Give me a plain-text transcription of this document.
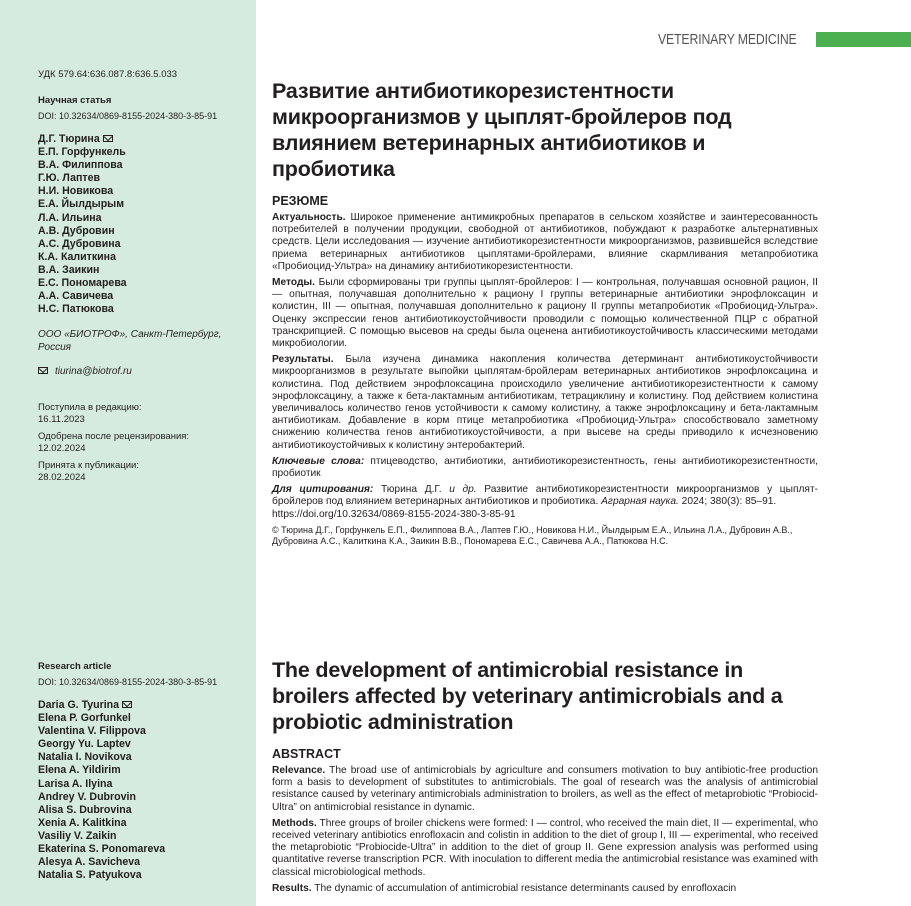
УДК 579.64:636.087.8:636.5.033
Научная статья
DOI: 10.32634/0869-8155-2024-380-3-85-91
Д.Г. Тюрина
Е.П. Горфункель
В.А. Филиппова
Г.Ю. Лаптев
Н.И. Новикова
Е.А. Йылдырым
Л.А. Ильина
А.В. Дубровин
А.С. Дубровина
К.А. Калиткина
В.А. Заикин
Е.С. Пономарева
А.А. Савичева
Н.С. Патюкова
ООО «БИОТРОФ», Санкт-Петербург, Россия
tiurina@biotrof.ru
Поступила в редакцию:
16.11.2023
Одобрена после рецензирования:
12.02.2024
Принята к публикации:
28.02.2024
Research article
DOI: 10.32634/0869-8155-2024-380-3-85-91
Daria G. Tyurina
Elena P. Gorfunkel
Valentina V. Filippova
Georgy Yu. Laptev
Natalia I. Novikova
Elena A. Yildirim
Larisa A. Ilyina
Andrey V. Dubrovin
Alisa S. Dubrovina
Xenia A. Kalitkina
Vasiliy V. Zaikin
Ekaterina S. Ponomareva
Alesya A. Savicheva
Natalia S. Patyukova
VETERINARY MEDICINE
Развитие антибиотикорезистентности микроорганизмов у цыплят-бройлеров под влиянием ветеринарных антибиотиков и пробиотика
РЕЗЮМЕ

Актуальность. Широкое применение антимикробных препаратов в сельском хозяйстве и заинтересованность потребителей в получении продукции, свободной от антибиотиков, побуждают к разработке альтернативных средств. Цели исследования — изучение антибиотикорезистентности микроорганизмов, развившейся вследствие приема ветеринарных антибиотиков цыплятами-бройлерами, влияние скармливания метапробиотика «Пробиоцид-Ультра» на динамику антибиотикорезистентности.

Методы. Были сформированы три группы цыплят-бройлеров: I — контрольная, получавшая основной рацион, II — опытная, получавшая дополнительно к рациону I группы ветеринарные антибиотики энрофлоксацин и колистин, III — опытная, получавшая дополнительно к рациону II группы метапробиотик «Пробиоцид-Ультра». Оценку экспрессии генов антибиотикоустойчивости проводили с помощью количественной ПЦР с обратной транскрипцией. С помощью высевов на среды была оценена антибиотикоустойчивость классическими методами микробиологии.

Результаты. Была изучена динамика накопления количества детерминант антибиотикоустойчивости микроорганизмов в результате выпойки цыплятам-бройлерам ветеринарных антибиотиков энрофлоксацина и колистина. Под действием энрофлоксацина происходило увеличение антибиотикорезистентности к самому энрофлоксацину, а также к бета-лактамным антибиотикам, тетрациклину и колистину. Под действием колистина увеличивалось количество генов устойчивости к самому колистину, а также энрофлоксацину и бета-лактамным антибиотикам. Добавление в корм птице метапробиотика «Пробиоцид-Ультра» способствовало заметному снижению количества генов антибиотикоустойчивости, а при высеве на среды приводило к исчезновению антибиотикоустойчивых к колистину энтеробактерий.

Ключевые слова: птицеводство, антибиотики, антибиотикорезистентность, гены антибиотикорезистентности, пробиотик

Для цитирования: Тюрина Д.Г. и др. Развитие антибиотикорезистентности микроорганизмов у цыплят-бройлеров под влиянием ветеринарных антибиотиков и пробиотика. Аграрная наука. 2024; 380(3): 85–91.
https://doi.org/10.32634/0869-8155-2024-380-3-85-91

© Тюрина Д.Г., Горфункель Е.П., Филиппова В.А., Лаптев Г.Ю., Новикова Н.И., Йылдырым Е.А., Ильина Л.А., Дубровин А.В., Дубровина А.С., Калиткина К.А., Заикин В.В., Пономарева Е.С., Савичева А.А., Патюкова Н.С.
The development of antimicrobial resistance in broilers affected by veterinary antimicrobials and a probiotic administration
ABSTRACT

Relevance. The broad use of antimicrobials by agriculture and consumers motivation to buy antibiotic-free production form a basis to development of substitutes to antimicrobials. The goal of research was the analysis of antimicrobial resistance caused by veterinary antimicrobials administration to broilers, as well as the effect of metaprobiotic “Probiocid-Ultra” on antimicrobial resistance in dynamic.

Methods. Three groups of broiler chickens were formed: I — control, who received the main diet, II — experimental, who received veterinary antibiotics enrofloxacin and colistin in addition to the diet of group I, III — experimental, who received the metaprobiotic “Probiocide-Ultra” in addition to the diet of group II. Gene expression analysis was performed using quantitative reverse transcription PCR. With inoculation to different media the antimicrobial resistance was examined with classical microbiological methods.

Results. The dynamic of accumulation of antimicrobial resistance determinants caused by enrofloxacin
